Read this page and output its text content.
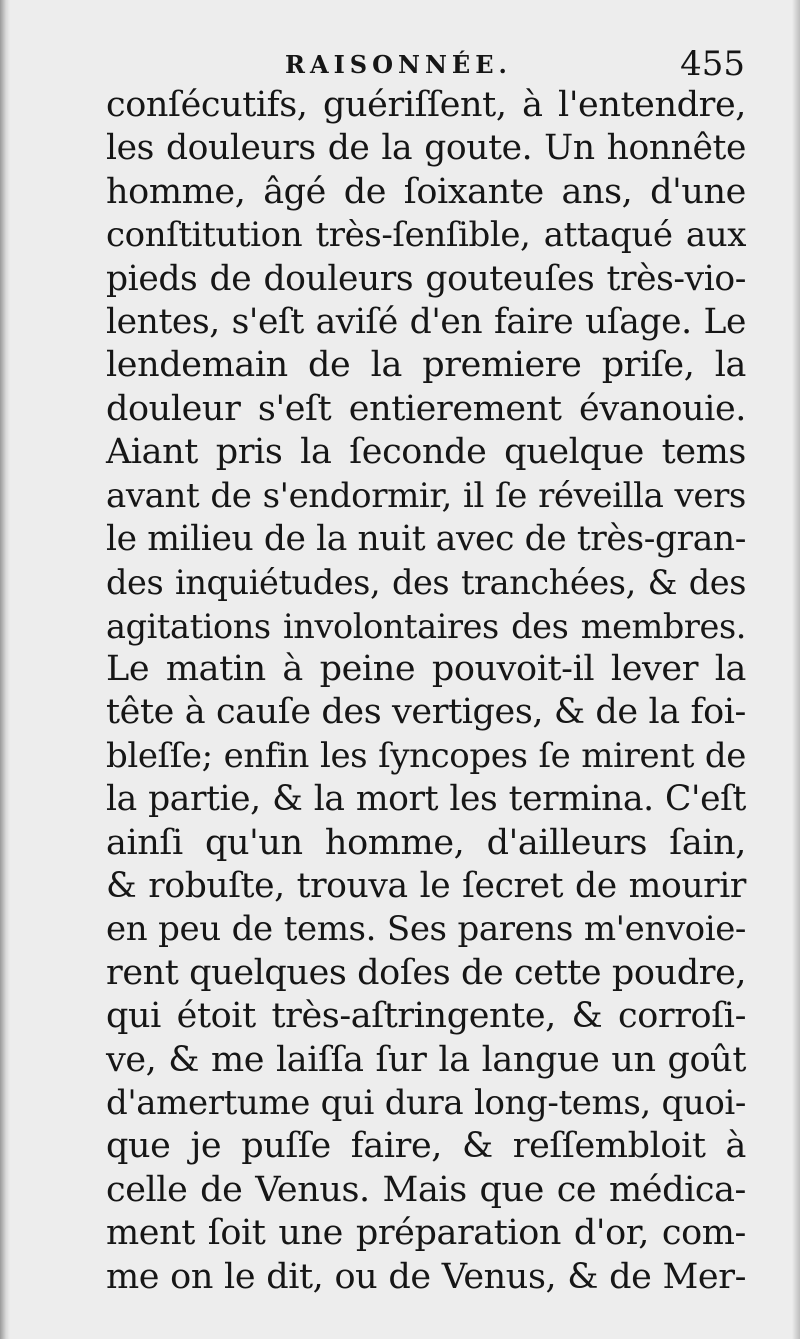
RAISONNÉE.	455
conſécutifs, guériſſent, à l'entendre,
les douleurs de la goute. Un honnête
homme, âgé de ſoixante ans, d'une
conſtitution très-ſenſible, attaqué aux
pieds de douleurs gouteuſes très-vio-
lentes, s'eſt aviſé d'en faire uſage. Le
lendemain de la premiere priſe, la
douleur s'eſt entierement évanouie.
Aiant pris la ſeconde quelque tems
avant de s'endormir, il ſe réveilla vers
le milieu de la nuit avec de très-gran-
des inquiétudes, des tranchées, & des
agitations involontaires des membres.
Le matin à peine pouvoit-il lever la
tête à cauſe des vertiges, & de la foi-
bleſſe; enfin les ſyncopes ſe mirent de
la partie, & la mort les termina. C'eſt
ainſi qu'un homme, d'ailleurs ſain,
& robuſte, trouva le ſecret de mourir
en peu de tems. Ses parens m'envoie-
rent quelques doſes de cette poudre,
qui étoit très-aſtringente, & corroſi-
ve, & me laiſſa ſur la langue un goût
d'amertume qui dura long-tems, quoi-
que je puſſe faire, & reſſembloit à
celle de Venus. Mais que ce médica-
ment ſoit une préparation d'or, com-
me on le dit, ou de Venus, & de Mer-
